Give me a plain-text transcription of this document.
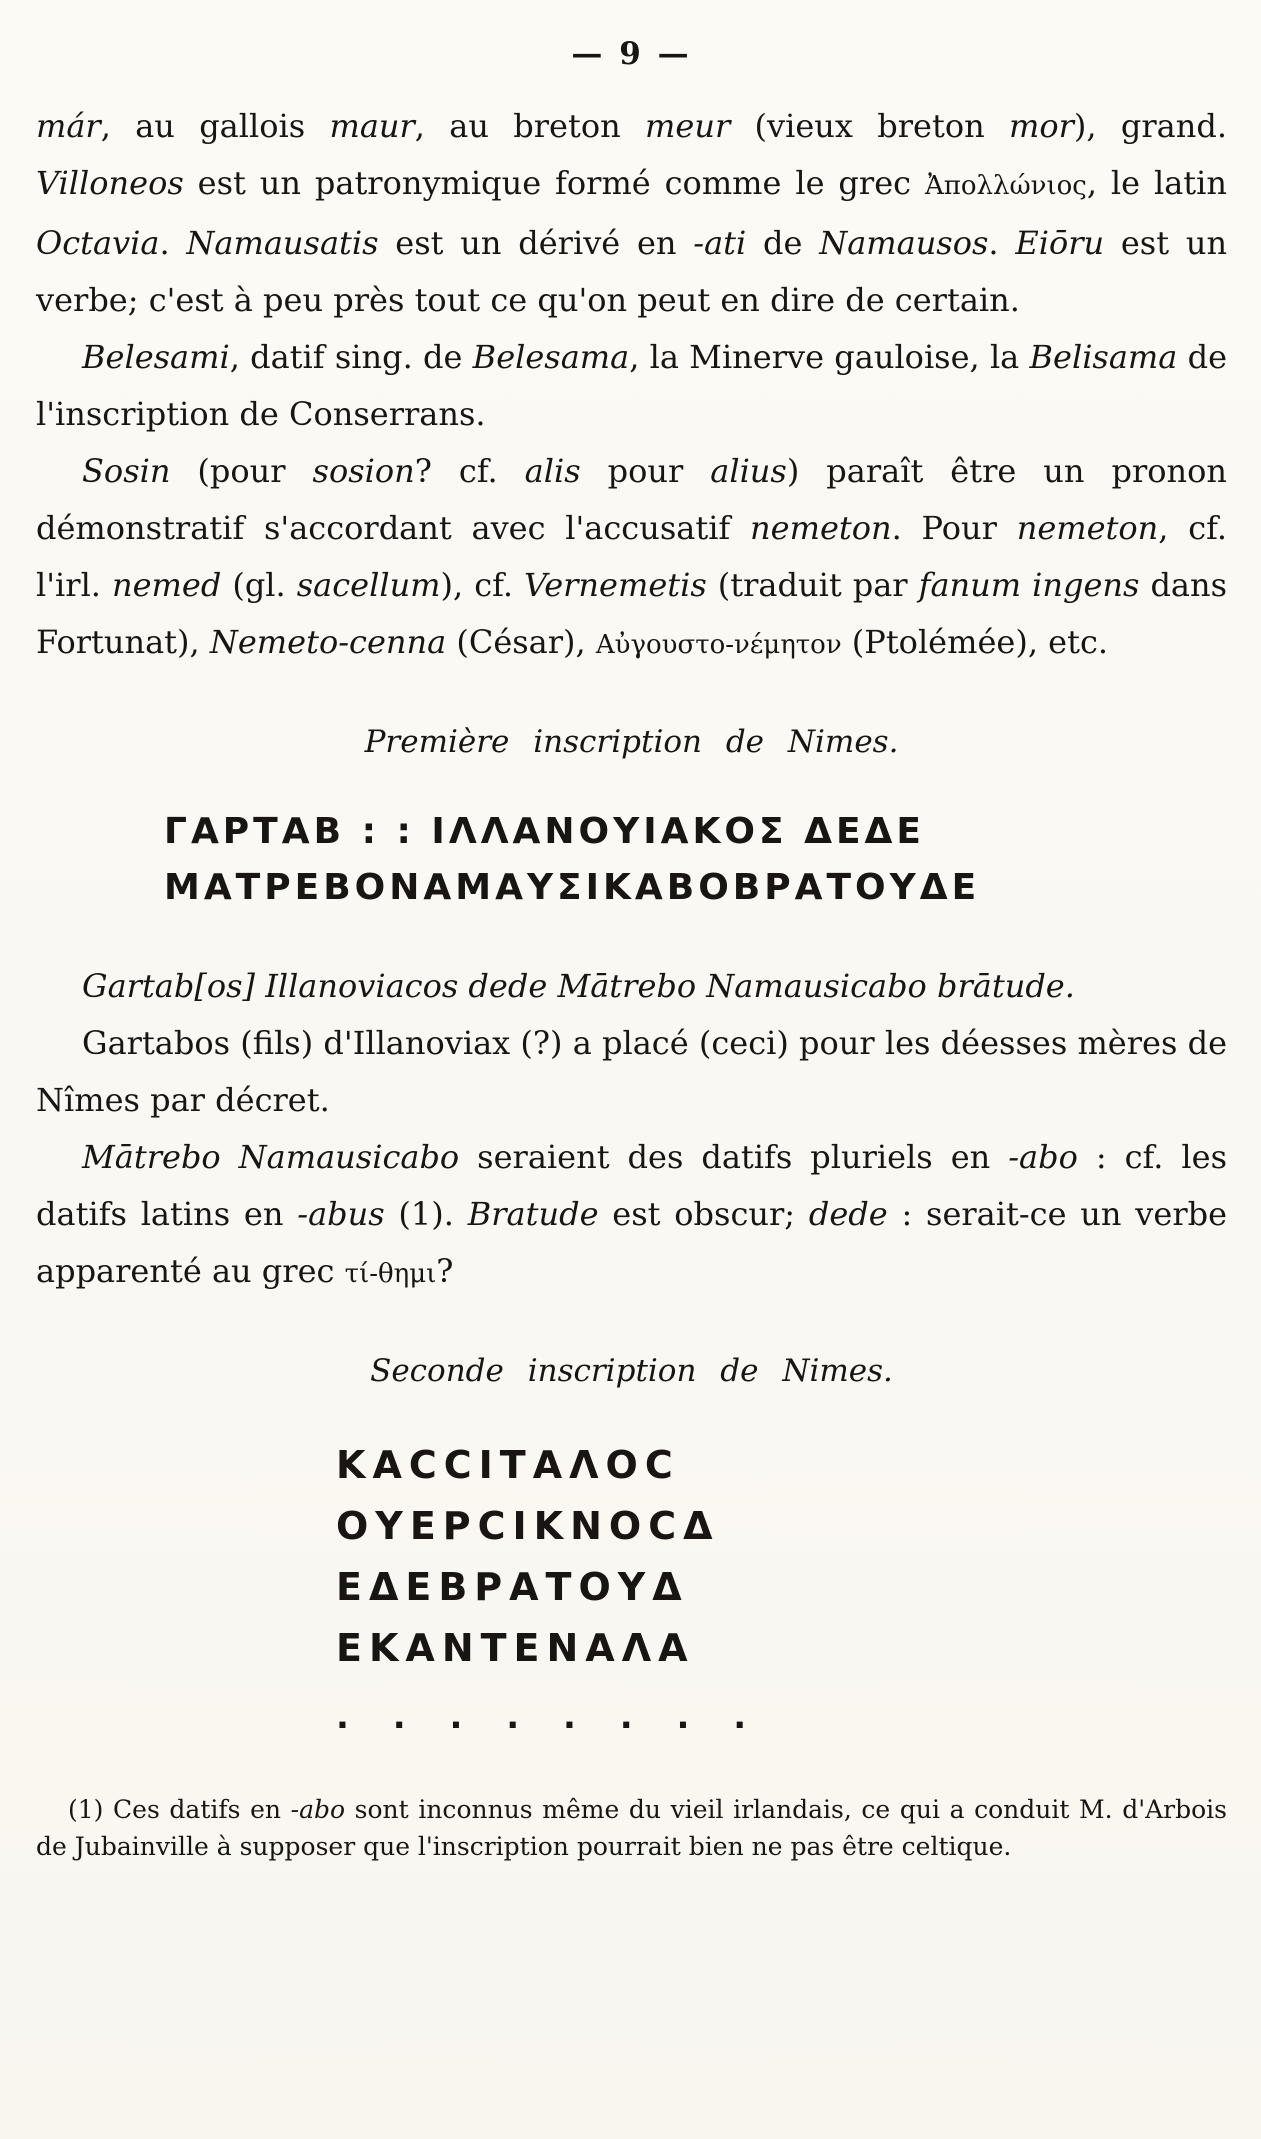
— 9 —

már, au gallois maur, au breton meur (vieux breton mor), grand. Villoneos est un patronymique formé comme le grec Ἀπολλώνιος, le latin Octavia. Namausatis est un dérivé en -ati de Namausos. Eiōru est un verbe; c'est à peu près tout ce qu'on peut en dire de certain.

Belesami, datif sing. de Belesama, la Minerve gauloise, la Belisama de l'inscription de Conserrans.

Sosin (pour sosion? cf. alis pour alius) paraît être un pronon démonstratif s'accordant avec l'accusatif nemeton. Pour nemeton, cf. l'irl. nemed (gl. sacellum), cf. Vernemetis (traduit par fanum ingens dans Fortunat), Nemeto-cenna (César), Αὐγουστο-νέμητον (Ptolémée), etc.

Première inscription de Nimes.
ΓΑΡΤΑΒ : : ΙΛΛΑΝΟΥΙΑΚΟΣ ΔΕΔΕ
ΜΑΤΡΕΒΟΝΑΜΑΥΣΙΚΑΒΟΒΡΑΤΟΥΔΕ

Gartab[os] Illanoviacos dede Mātrebo Namausicabo brātude.

Gartabos (fils) d'Illanoviax (?) a placé (ceci) pour les déesses mères de Nîmes par décret.

Mātrebo Namausicabo seraient des datifs pluriels en -abo : cf. les datifs latins en -abus (1). Bratude est obscur; dede : serait-ce un verbe apparenté au grec τί-θημι?

Seconde inscription de Nimes.
ΚΑCCΙΤΑΛΟC
ΟΥΕΡCΙΚΝΟCΔ
ΕΔΕΒΡΑΤΟΥΔ
ΕΚΑΝΤΕΝΑΛΑ
. . . . . . . .
(1) Ces datifs en -abo sont inconnus même du vieil irlandais, ce qui a conduit M. d'Arbois de Jubainville à supposer que l'inscription pourrait bien ne pas être celtique.
